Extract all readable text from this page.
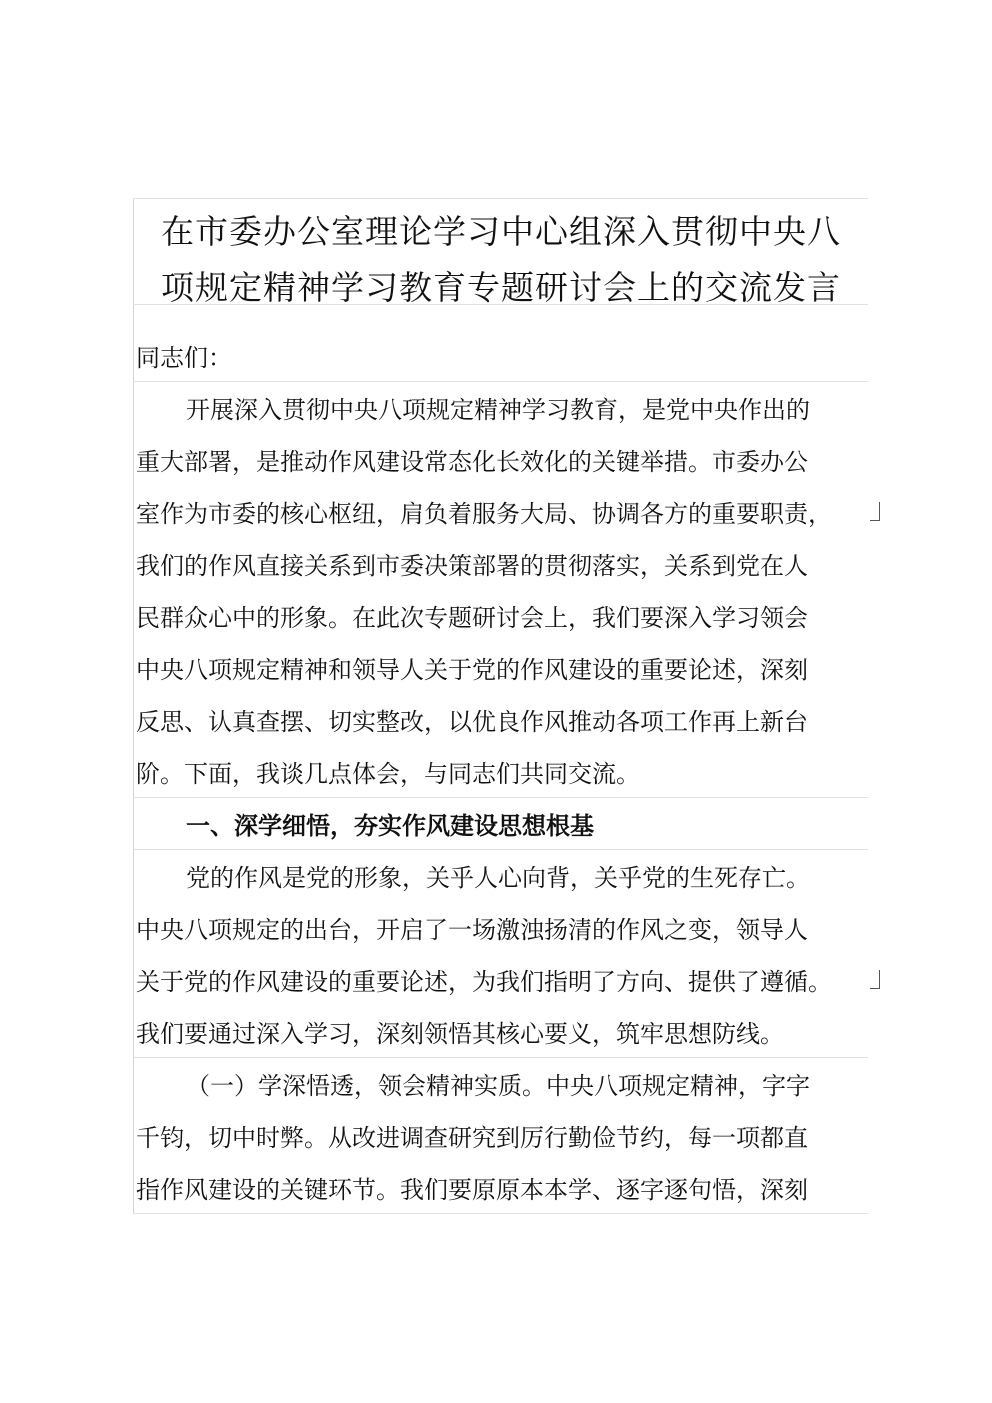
在市委办公室理论学习中心组深入贯彻中央八
项规定精神学习教育专题研讨会上的交流发言
同志们：
开展深入贯彻中央八项规定精神学习教育，是党中央作出的
重大部署，是推动作风建设常态化长效化的关键举措。市委办公
室作为市委的核心枢纽，肩负着服务大局、协调各方的重要职责，
我们的作风直接关系到市委决策部署的贯彻落实，关系到党在人
民群众心中的形象。在此次专题研讨会上，我们要深入学习领会
中央八项规定精神和领导人关于党的作风建设的重要论述，深刻
反思、认真查摆、切实整改，以优良作风推动各项工作再上新台
阶。下面，我谈几点体会，与同志们共同交流。
一、深学细悟，夯实作风建设思想根基
党的作风是党的形象，关乎人心向背，关乎党的生死存亡。
中央八项规定的出台，开启了一场激浊扬清的作风之变，领导人
关于党的作风建设的重要论述，为我们指明了方向、提供了遵循。
我们要通过深入学习，深刻领悟其核心要义，筑牢思想防线。
（一）学深悟透，领会精神实质。中央八项规定精神，字字
千钧，切中时弊。从改进调查研究到厉行勤俭节约，每一项都直
指作风建设的关键环节。我们要原原本本学、逐字逐句悟，深刻
